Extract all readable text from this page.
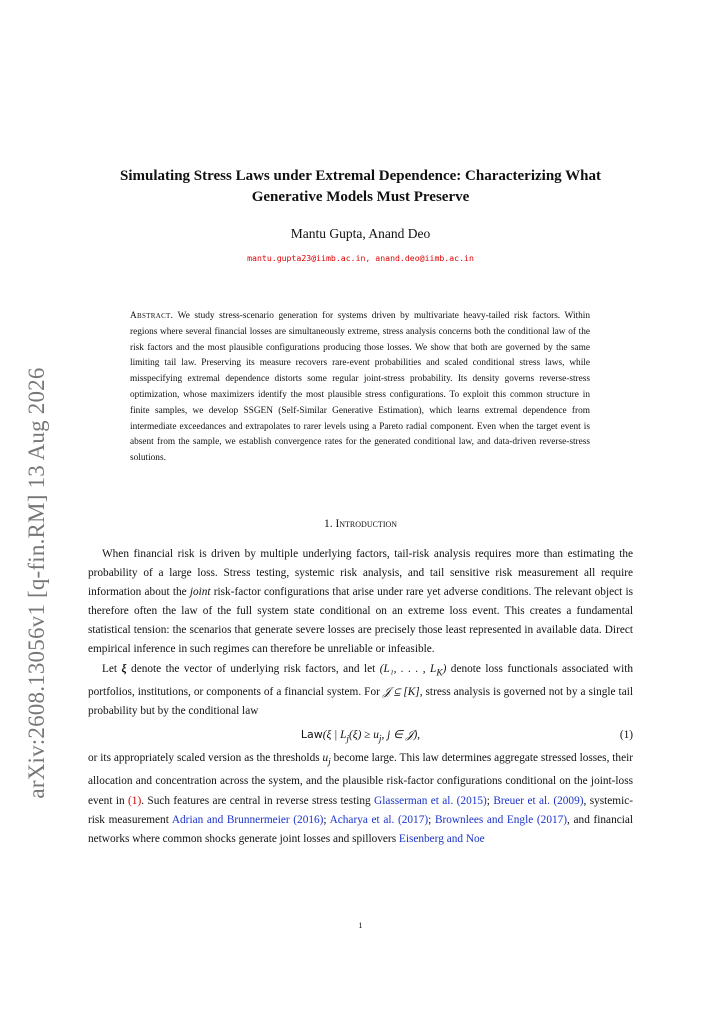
arXiv:2608.13056v1 [q-fin.RM] 13 Aug 2026
Simulating Stress Laws under Extremal Dependence: Characterizing What
Generative Models Must Preserve
Mantu Gupta, Anand Deo
mantu.gupta23@iimb.ac.in, anand.deo@iimb.ac.in
Abstract. We study stress-scenario generation for systems driven by multivariate heavy-tailed risk factors. Within regions where several financial losses are simultaneously extreme, stress analysis concerns both the conditional law of the risk factors and the most plausible configurations producing those losses. We show that both are governed by the same limiting tail law. Preserving its measure recovers rare-event probabilities and scaled conditional stress laws, while misspecifying extremal dependence distorts some regular joint-stress probability. Its density governs reverse-stress optimization, whose maximizers identify the most plausible stress configurations. To exploit this common structure in finite samples, we develop SSGEN (Self-Similar Generative Estimation), which learns extremal dependence from intermediate exceedances and extrapolates to rarer levels using a Pareto radial component. Even when the target event is absent from the sample, we establish convergence rates for the generated conditional law, and data-driven reverse-stress solutions.
1. Introduction

When financial risk is driven by multiple underlying factors, tail-risk analysis requires more than estimating the probability of a large loss. Stress testing, systemic risk analysis, and tail sensitive risk measurement all require information about the joint risk-factor configurations that arise under rare yet adverse conditions. The relevant object is therefore often the law of the full system state conditional on an extreme loss event. This creates a fundamental statistical tension: the scenarios that generate severe losses are precisely those least represented in available data. Direct empirical inference in such regimes can therefore be unreliable or infeasible.

Let ξ denote the vector of underlying risk factors, and let (L₁, . . . , $L_K$) denote loss functionals associated with portfolios, institutions, or components of a financial system. For 𝒥 ⊆ [K], stress analysis is governed not by a single tail probability but by the conditional law

Law(ξ | $L_j(\xi) \ge u_j$, j ∈ 𝒥),	(1)

or its appropriately scaled version as the thresholds $u_j$ become large. This law determines aggregate stressed losses, their allocation and concentration across the system, and the plausible risk-factor configurations conditional on the joint-loss event in (1). Such features are central in reverse stress testing Glasserman et al. (2015); Breuer et al. (2009), systemic-risk measurement Adrian and Brunnermeier (2016); Acharya et al. (2017); Brownlees and Engle (2017), and financial networks where common shocks generate joint losses and spillovers Eisenberg and Noe

1
